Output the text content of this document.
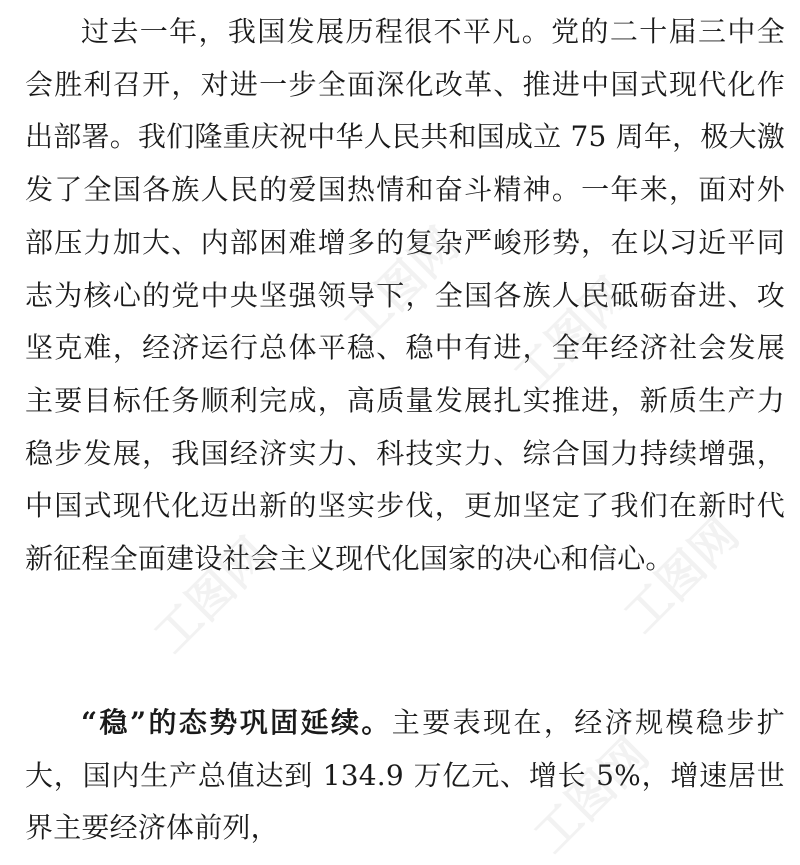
过去一年，我国发展历程很不平凡。党的二十届三中全会胜利召开，对进一步全面深化改革、推进中国式现代化作出部署。我们隆重庆祝中华人民共和国成立 75 周年，极大激发了全国各族人民的爱国热情和奋斗精神。一年来，面对外部压力加大、内部困难增多的复杂严峻形势，在以习近平同志为核心的党中央坚强领导下，全国各族人民砥砺奋进、攻坚克难，经济运行总体平稳、稳中有进，全年经济社会发展主要目标任务顺利完成，高质量发展扎实推进，新质生产力稳步发展，我国经济实力、科技实力、综合国力持续增强，中国式现代化迈出新的坚实步伐，更加坚定了我们在新时代新征程全面建设社会主义现代化国家的决心和信心。

“稳”的态势巩固延续。主要表现在，经济规模稳步扩大，国内生产总值达到 134.9 万亿元、增长 5%，增速居世界主要经济体前列，

工图网
工图网
工图网
工图网
工图网
